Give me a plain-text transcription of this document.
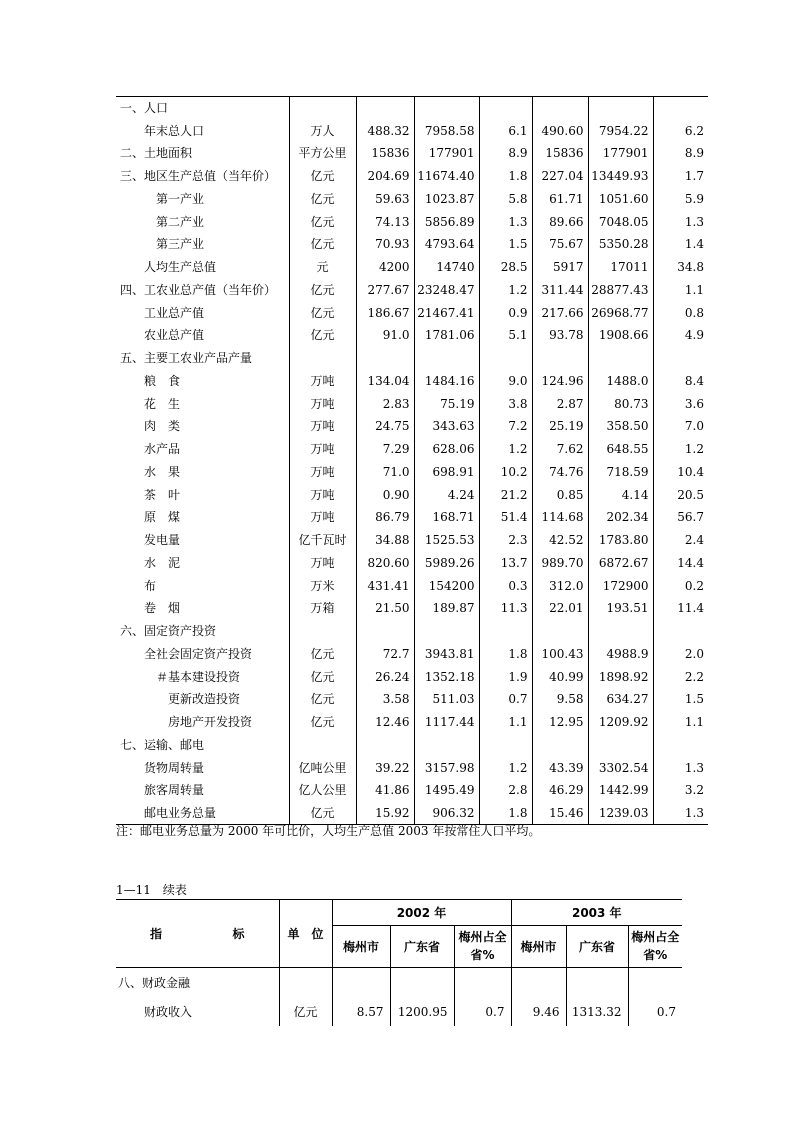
一、人口							
年末总人口	万人	488.32	7958.58	6.1	490.60	7954.22	6.2
二、土地面积	平方公里	15836	177901	8.9	15836	177901	8.9
三、地区生产总值（当年价）	亿元	204.69	11674.40	1.8	227.04	13449.93	1.7
第一产业	亿元	59.63	1023.87	5.8	61.71	1051.60	5.9
第二产业	亿元	74.13	5856.89	1.3	89.66	7048.05	1.3
第三产业	亿元	70.93	4793.64	1.5	75.67	5350.28	1.4
人均生产总值	元	4200	14740	28.5	5917	17011	34.8
四、工农业总产值（当年价）	亿元	277.67	23248.47	1.2	311.44	28877.43	1.1
工业总产值	亿元	186.67	21467.41	0.9	217.66	26968.77	0.8
农业总产值	亿元	91.0	1781.06	5.1	93.78	1908.66	4.9
五、主要工农业产品产量							
粮　食	万吨	134.04	1484.16	9.0	124.96	1488.0	8.4
花　生	万吨	2.83	75.19	3.8	2.87	80.73	3.6
肉　类	万吨	24.75	343.63	7.2	25.19	358.50	7.0
水产品	万吨	7.29	628.06	1.2	7.62	648.55	1.2
水　果	万吨	71.0	698.91	10.2	74.76	718.59	10.4
茶　叶	万吨	0.90	4.24	21.2	0.85	4.14	20.5
原　煤	万吨	86.79	168.71	51.4	114.68	202.34	56.7
发电量	亿千瓦时	34.88	1525.53	2.3	42.52	1783.80	2.4
水　泥	万吨	820.60	5989.26	13.7	989.70	6872.67	14.4
布	万米	431.41	154200	0.3	312.0	172900	0.2
卷　烟	万箱	21.50	189.87	11.3	22.01	193.51	11.4
六、固定资产投资							
全社会固定资产投资	亿元	72.7	3943.81	1.8	100.43	4988.9	2.0
＃基本建设投资	亿元	26.24	1352.18	1.9	40.99	1898.92	2.2
更新改造投资	亿元	3.58	511.03	0.7	9.58	634.27	1.5
房地产开发投资	亿元	12.46	1117.44	1.1	12.95	1209.92	1.1
七、运输、邮电							
货物周转量	亿吨公里	39.22	3157.98	1.2	43.39	3302.54	1.3
旅客周转量	亿人公里	41.86	1495.49	2.8	46.29	1442.99	3.2
邮电业务总量	亿元	15.92	906.32	1.8	15.46	1239.03	1.3
注：邮电业务总量为 2000 年可比价，人均生产总值 2003 年按常住人口平均。
1—11　续表
指 标	单　位	2002 年			2003 年		
		梅州市	广东省	梅州占全省%	梅州市	广东省	梅州占全省%
八、财政金融							
财政收入	亿元	8.57	1200.95	0.7	9.46	1313.32	0.7
